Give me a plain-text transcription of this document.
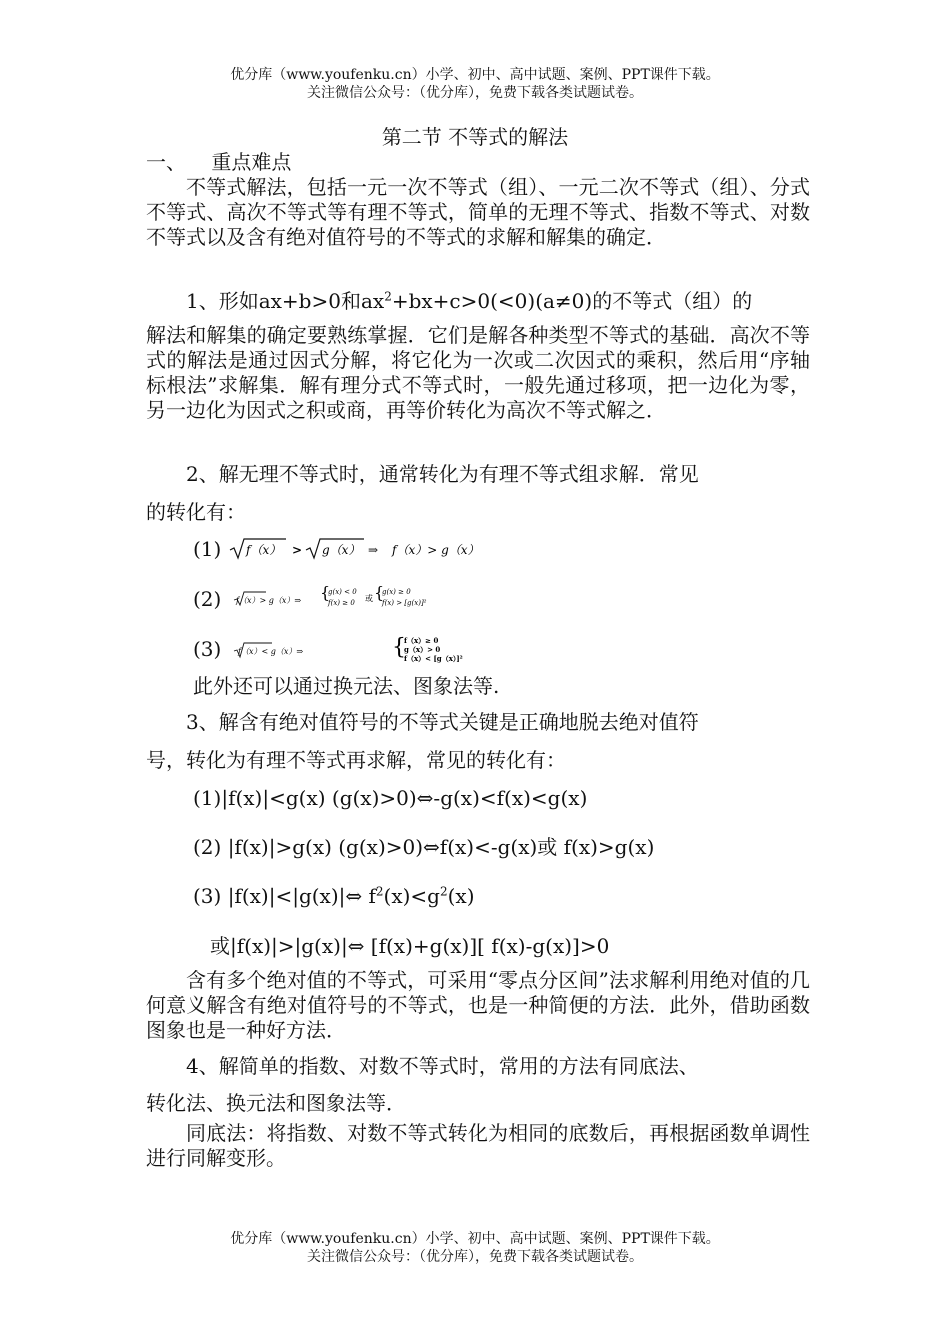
优分库（www.youfenku.cn）小学、初中、高中试题、案例、PPT课件下载。
关注微信公众号：（优分库），免费下载各类试题试卷。
第二节 不等式的解法

一、    重点难点

不等式解法，包括一元一次不等式（组）、一元二次不等式（组）、分式不等式、高次不等式等有理不等式，简单的无理不等式、指数不等式、对数不等式以及含有绝对值符号的不等式的求解和解集的确定．

1、形如ax+b>0和$ax^2+bx+c>0(<0)(a\ne 0)$的不等式（组）的

解法和解集的确定要熟练掌握．它们是解各种类型不等式的基础．高次不等式的解法是通过因式分解，将它化为一次或二次因式的乘积，然后用“序轴标根法”求解集．解有理分式不等式时，一般先通过移项，把一边化为零，另一边化为因式之积或商，再等价转化为高次不等式解之．

2、解无理不等式时，通常转化为有理不等式组求解．常见

的转化有：

(1) f（x） > g（x） ⇒ f（x）> g（x）
(2) f（x）> g（x）⇒ {
g(x) < 0
f(x) ≥ 0 或 {
g(x) ≥ 0
f(x) > [g(x)]²
(3) f（x）< g（x）⇒	{
f（x）≥ 0
g（x）> 0
f（x）< [g（x）]²
此外还可以通过换元法、图象法等.

3、解含有绝对值符号的不等式关键是正确地脱去绝对值符

号，转化为有理不等式再求解，常见的转化有：

(1)|f(x)|<g(x) (g(x)>0)⇔-g(x)<f(x)<g(x)
(2) |f(x)|>g(x) (g(x)>0)⇔f(x)<-g(x)或 f(x)>g(x)
(3) |f(x)|<|g(x)|⇔ $f^2(x)<g^2(x)$
或|f(x)|>|g(x)|⇔ [f(x)+g(x)][ f(x)-g(x)]>0

含有多个绝对值的不等式，可采用“零点分区间”法求解利用绝对值的几何意义解含有绝对值符号的不等式，也是一种简便的方法．此外，借助函数图象也是一种好方法．

4、解简单的指数、对数不等式时，常用的方法有同底法、

转化法、换元法和图象法等．

同底法：将指数、对数不等式转化为相同的底数后，再根据函数单调性进行同解变形。

优分库（www.youfenku.cn）小学、初中、高中试题、案例、PPT课件下载。
关注微信公众号：（优分库），免费下载各类试题试卷。
